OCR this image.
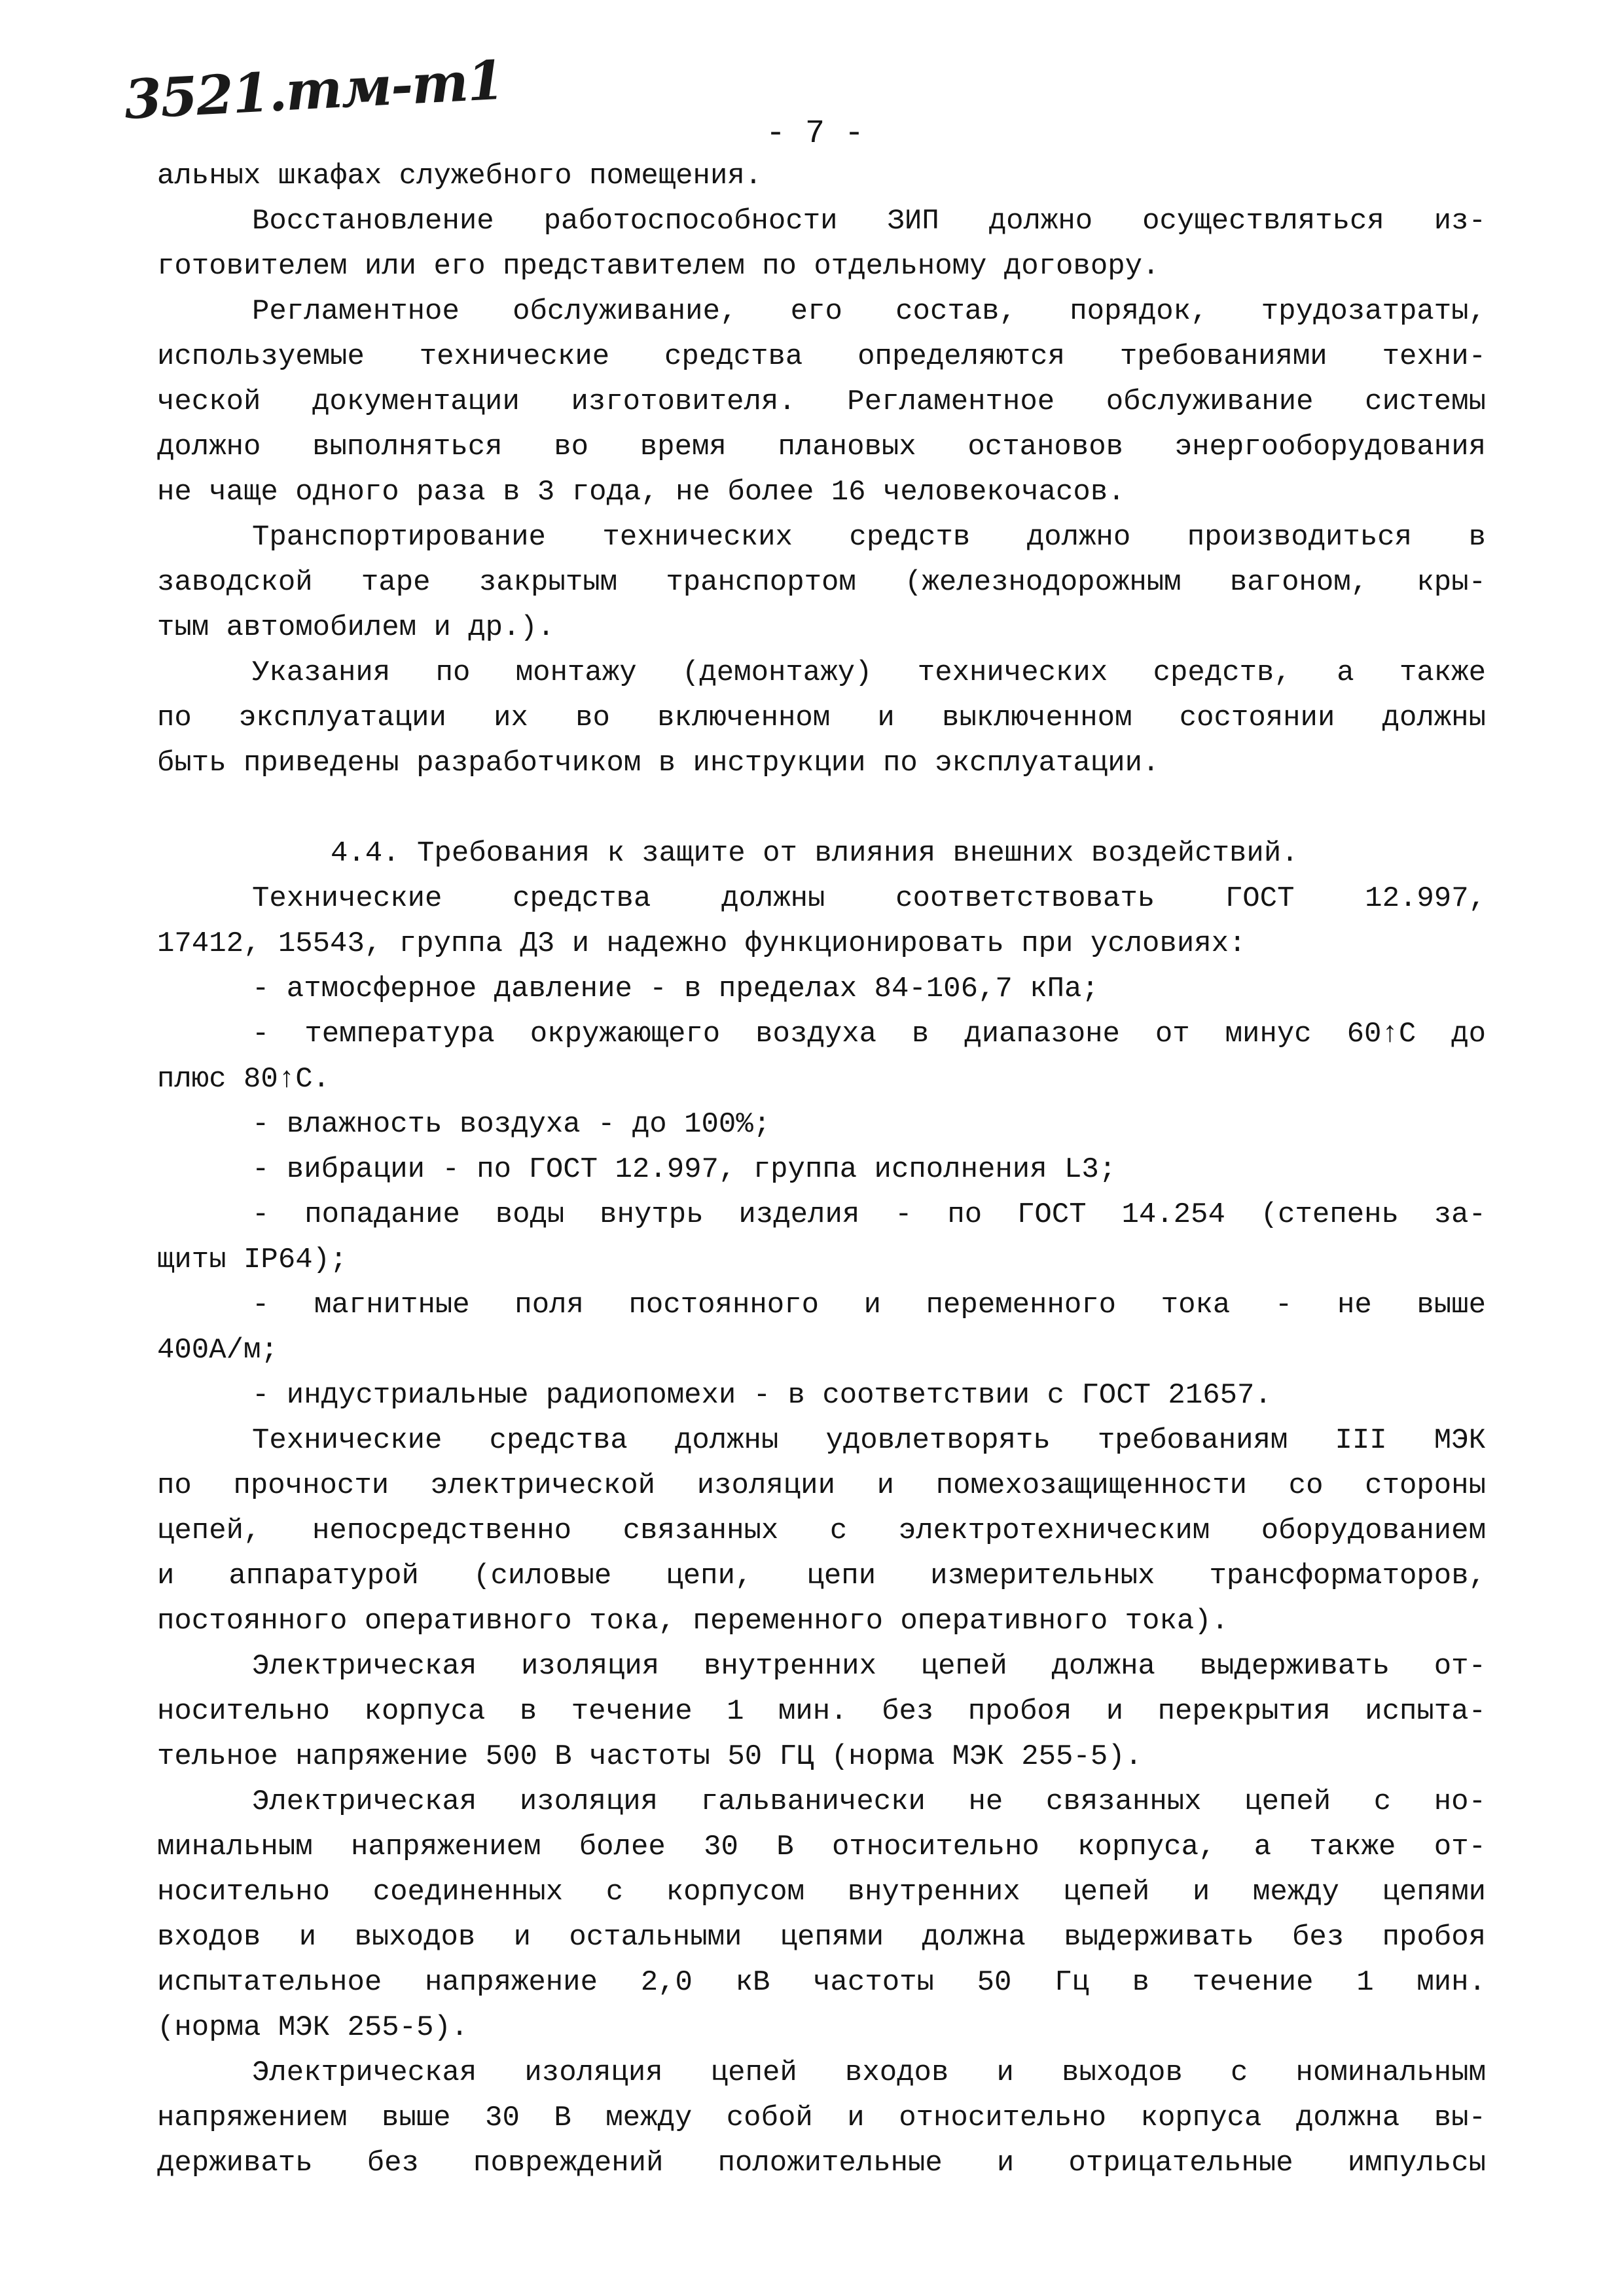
3521.тм-т1
- 7 -
альных шкафах служебного помещения.
Восстановление работоспособности ЗИП должно осуществляться из-
готовителем или его представителем по отдельному договору.
Регламентное обслуживание, его состав, порядок, трудозатраты,
используемые технические средства определяются требованиями техни-
ческой документации изготовителя. Регламентное обслуживание системы
должно выполняться во время плановых остановов энергооборудования
не чаще одного раза в 3 года, не более 16 человекочасов.
Транспортирование технических средств должно производиться в
заводской таре закрытым транспортом (железнодорожным вагоном, кры-
тым автомобилем и др.).
Указания по монтажу (демонтажу) технических средств, а также
по эксплуатации их во включенном и выключенном состоянии должны
быть приведены разработчиком в инструкции по эксплуатации.
4.4. Требования к защите от влияния внешних воздействий.
Технические средства должны соответствовать ГОСТ 12.997,
17412, 15543, группа Д3 и надежно функционировать при условиях:
- атмосферное давление - в пределах 84-106,7 кПа;
- температура окружающего воздуха в диапазоне от минус 60↑С до
плюс 80↑С.
- влажность воздуха - до 100%;
- вибрации - по ГОСТ 12.997, группа исполнения L3;
- попадание воды внутрь изделия - по ГОСТ 14.254 (степень за-
щиты IP64);
- магнитные поля постоянного и переменного тока - не выше
400А/м;
- индустриальные радиопомехи - в соответствии с ГОСТ 21657.
Технические средства должны удовлетворять требованиям III МЭК
по прочности электрической изоляции и помехозащищенности со стороны
цепей, непосредственно связанных с электротехническим оборудованием
и аппаратурой (силовые цепи, цепи измерительных трансформаторов,
постоянного оперативного тока, переменного оперативного тока).
Электрическая изоляция внутренних цепей должна выдерживать от-
носительно корпуса в течение 1 мин. без пробоя и перекрытия испыта-
тельное напряжение 500 В частоты 50 ГЦ (норма МЭК 255-5).
Электрическая изоляция гальванически не связанных цепей с но-
минальным напряжением более 30 В относительно корпуса, а также от-
носительно соединенных с корпусом внутренних цепей и между цепями
входов и выходов и остальными цепями должна выдерживать без пробоя
испытательное напряжение 2,0 кВ частоты 50 Гц в течение 1 мин.
(норма МЭК 255-5).
Электрическая изоляция цепей входов и выходов с номинальным
напряжением выше 30 В между собой и относительно корпуса должна вы-
держивать без повреждений положительные и отрицательные импульсы
